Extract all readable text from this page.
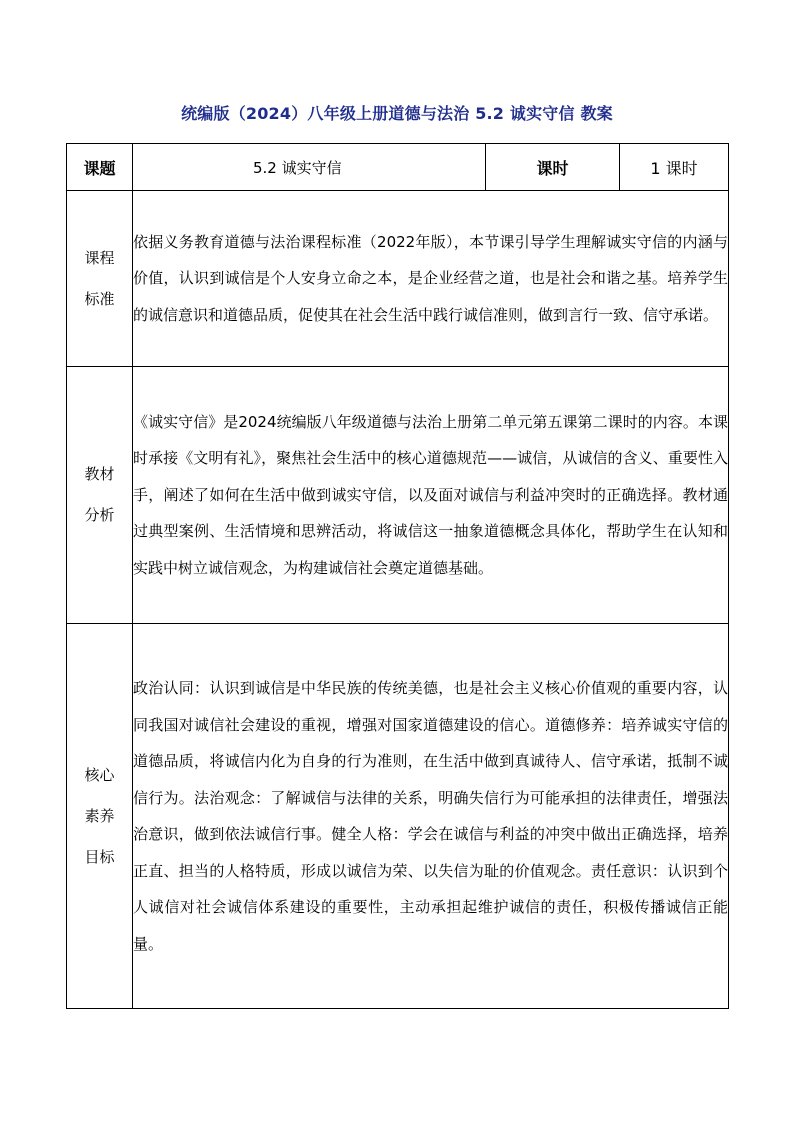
统编版（2024）八年级上册道德与法治 5.2 诚实守信 教案
课题	5.2 诚实守信	课时	1 课时

课程标准	依据义务教育道德与法治课程标准（2022年版），本节课引导学生理解诚实守信的内涵与价值，认识到诚信是个人安身立命之本，是企业经营之道，也是社会和谐之基。培养学生的诚信意识和道德品质，促使其在社会生活中践行诚信准则，做到言行一致、信守承诺。		

教材分析	《诚实守信》是2024统编版八年级道德与法治上册第二单元第五课第二课时的内容。本课时承接《文明有礼》，聚焦社会生活中的核心道德规范——诚信，从诚信的含义、重要性入手，阐述了如何在生活中做到诚实守信，以及面对诚信与利益冲突时的正确选择。教材通过典型案例、生活情境和思辨活动，将诚信这一抽象道德概念具体化，帮助学生在认知和实践中树立诚信观念，为构建诚信社会奠定道德基础。		

核心素养目标	政治认同：认识到诚信是中华民族的传统美德，也是社会主义核心价值观的重要内容，认同我国对诚信社会建设的重视，增强对国家道德建设的信心。道德修养：培养诚实守信的道德品质，将诚信内化为自身的行为准则，在生活中做到真诚待人、信守承诺，抵制不诚信行为。法治观念：了解诚信与法律的关系，明确失信行为可能承担的法律责任，增强法治意识，做到依法诚信行事。健全人格：学会在诚信与利益的冲突中做出正确选择，培养正直、担当的人格特质，形成以诚信为荣、以失信为耻的价值观念。责任意识：认识到个人诚信对社会诚信体系建设的重要性，主动承担起维护诚信的责任，积极传播诚信正能量。		
